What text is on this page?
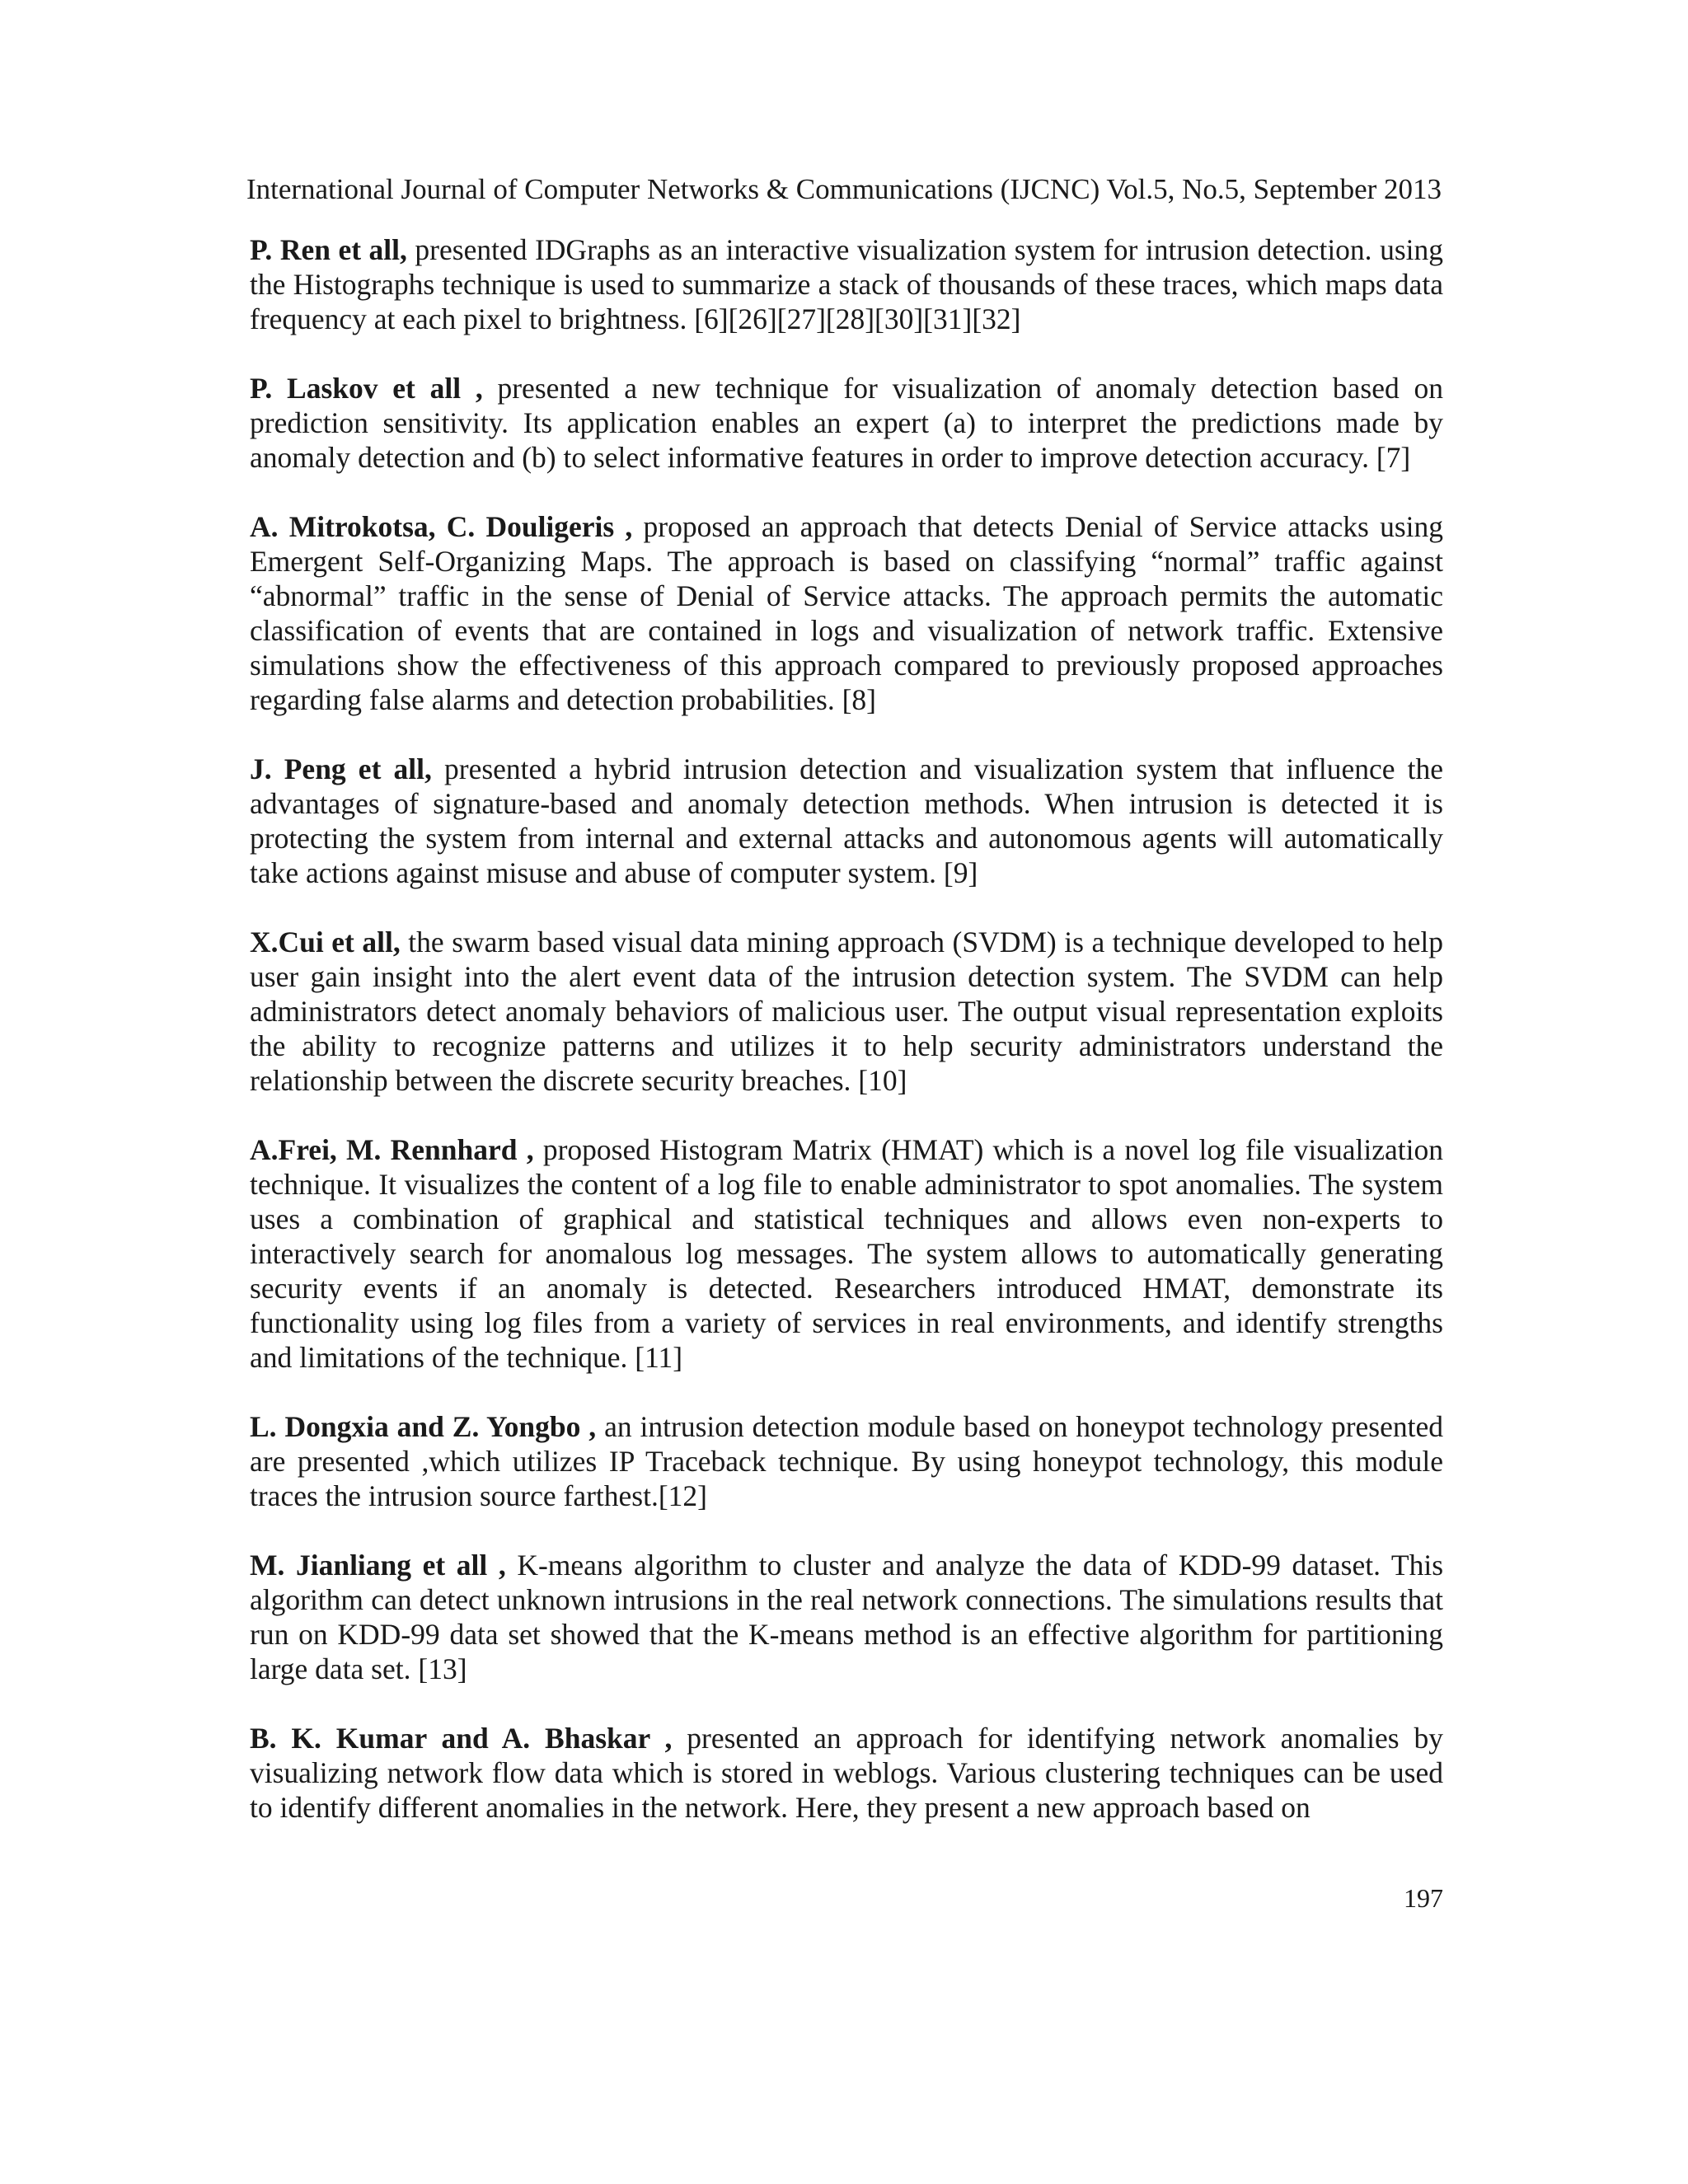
International Journal of Computer Networks & Communications (IJCNC) Vol.5, No.5, September 2013

P. Ren et all, presented IDGraphs as an interactive visualization system for intrusion detection. using the Histographs technique is used to summarize a stack of thousands of these traces, which maps data frequency at each pixel to brightness. [6][26][27][28][30][31][32]

P. Laskov et all , presented a new technique for visualization of anomaly detection based on prediction sensitivity. Its application enables an expert (a) to interpret the predictions made by anomaly detection and (b) to select informative features in order to improve detection accuracy. [7]

A. Mitrokotsa, C. Douligeris , proposed an approach that detects Denial of Service attacks using Emergent Self-Organizing Maps. The approach is based on classifying “normal” traffic against “abnormal” traffic in the sense of Denial of Service attacks. The approach permits the automatic classification of events that are contained in logs and visualization of network traffic. Extensive simulations show the effectiveness of this approach compared to previously proposed approaches regarding false alarms and detection probabilities. [8]

J. Peng et all, presented a hybrid intrusion detection and visualization system that influence the advantages of signature-based and anomaly detection methods. When intrusion is detected it is protecting the system from internal and external attacks and autonomous agents will automatically take actions against misuse and abuse of computer system. [9]

X.Cui et all, the swarm based visual data mining approach (SVDM) is a technique developed to help user gain insight into the alert event data of the intrusion detection system. The SVDM can help administrators detect anomaly behaviors of malicious user. The output visual representation exploits the ability to recognize patterns and utilizes it to help security administrators understand the relationship between the discrete security breaches. [10]

A.Frei, M. Rennhard , proposed Histogram Matrix (HMAT) which is a novel log file visualization technique. It visualizes the content of a log file to enable administrator to spot anomalies. The system uses a combination of graphical and statistical techniques and allows even non-experts to interactively search for anomalous log messages. The system allows to automatically generating security events if an anomaly is detected. Researchers introduced HMAT, demonstrate its functionality using log files from a variety of services in real environments, and identify strengths and limitations of the technique. [11]

L. Dongxia and Z. Yongbo , an intrusion detection module based on honeypot technology presented are presented ,which utilizes IP Traceback technique. By using honeypot technology, this module traces the intrusion source farthest.[12]

M. Jianliang et all , K-means algorithm to cluster and analyze the data of KDD-99 dataset. This algorithm can detect unknown intrusions in the real network connections. The simulations results that run on KDD-99 data set showed that the K-means method is an effective algorithm for partitioning large data set. [13]

B. K. Kumar and A. Bhaskar , presented an approach for identifying network anomalies by visualizing network flow data which is stored in weblogs. Various clustering techniques can be used to identify different anomalies in the network. Here, they present a new approach based on

197
